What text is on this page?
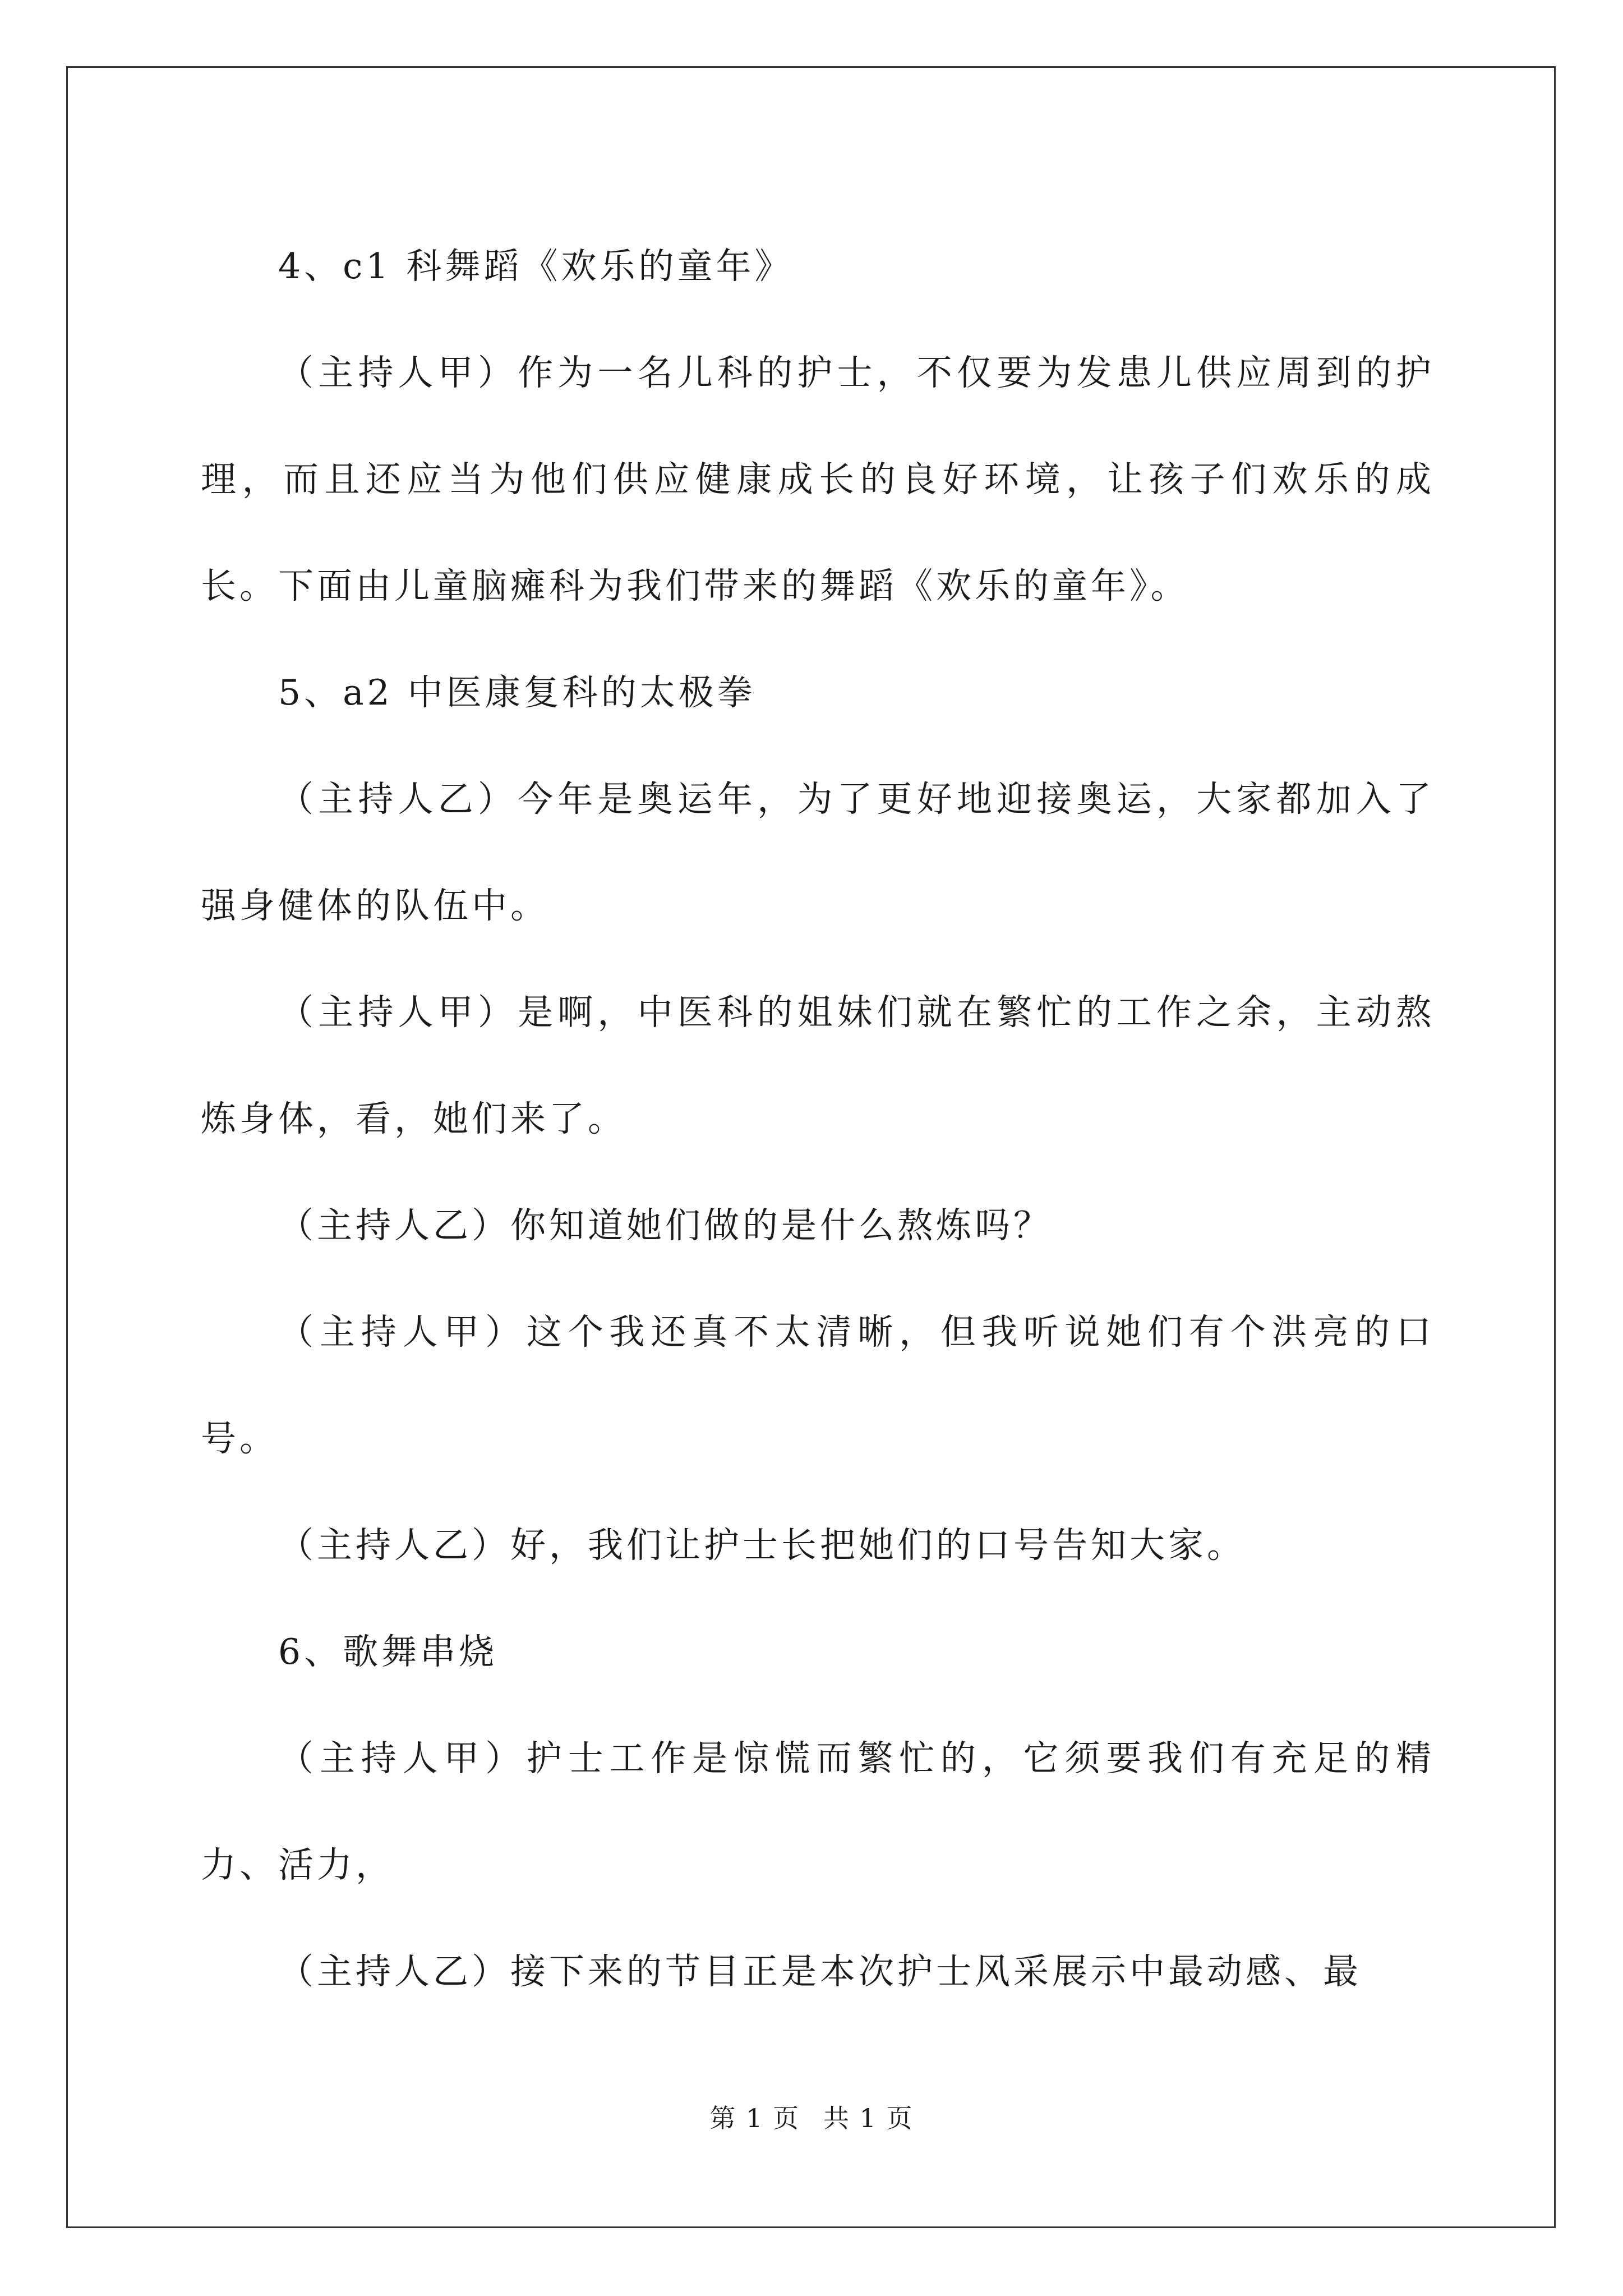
4、c1 科舞蹈《欢乐的童年》

（主持人甲）作为一名儿科的护士，不仅要为发患儿供应周到的护理，而且还应当为他们供应健康成长的良好环境，让孩子们欢乐的成长。下面由儿童脑瘫科为我们带来的舞蹈《欢乐的童年》。

5、a2 中医康复科的太极拳

（主持人乙）今年是奥运年，为了更好地迎接奥运，大家都加入了强身健体的队伍中。

（主持人甲）是啊，中医科的姐妹们就在繁忙的工作之余，主动熬炼身体，看，她们来了。

（主持人乙）你知道她们做的是什么熬炼吗？

（主持人甲）这个我还真不太清晰，但我听说她们有个洪亮的口号。

（主持人乙）好，我们让护士长把她们的口号告知大家。

6、歌舞串烧

（主持人甲）护士工作是惊慌而繁忙的，它须要我们有充足的精力、活力，

（主持人乙）接下来的节目正是本次护士风采展示中最动感、最

第 1 页 共 1 页
